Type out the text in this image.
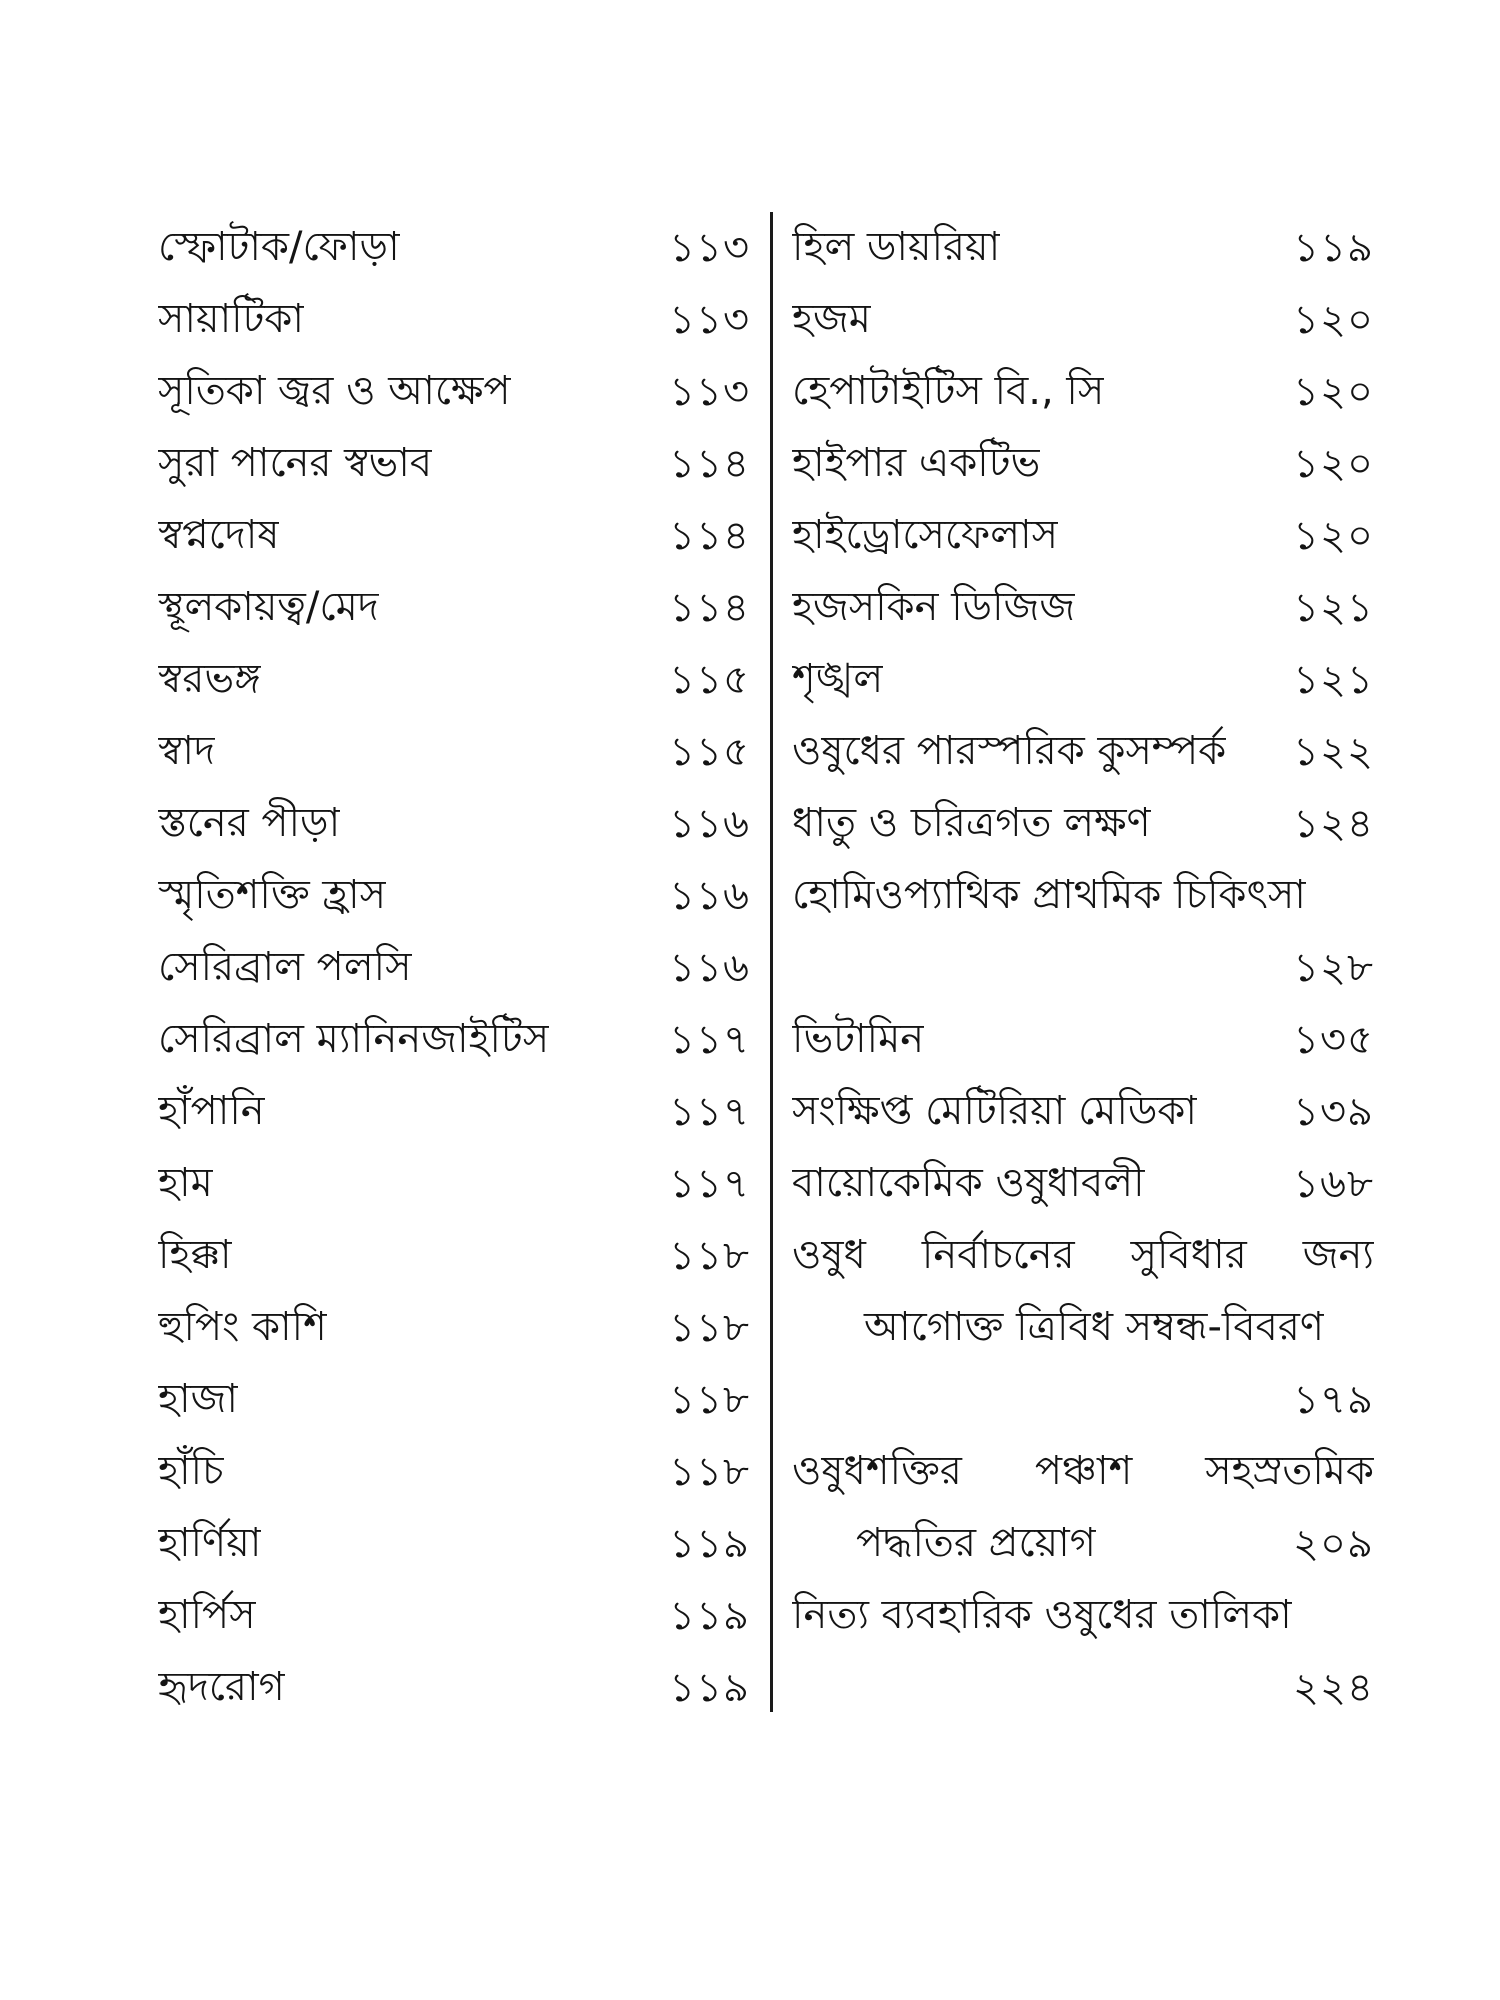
স্ফোটাক/ফোড়া	১১৩
সায়াটিকা	১১৩
সূতিকা জ্বর ও আক্ষেপ	১১৩
সুরা পানের স্বভাব	১১৪
স্বপ্নদোষ	১১৪
স্থূলকায়ত্ব/মেদ	১১৪
স্বরভঙ্গ	১১৫
স্বাদ	১১৫
স্তনের পীড়া	১১৬
স্মৃতিশক্তি হ্রাস	১১৬
সেরিব্রাল পলসি	১১৬
সেরিব্রাল ম্যানিনজাইটিস	১১৭
হাঁপানি	১১৭
হাম	১১৭
হিক্কা	১১৮
হুপিং কাশি	১১৮
হাজা	১১৮
হাঁচি	১১৮
হার্ণিয়া	১১৯
হার্পিস	১১৯
হৃদরোগ	১১৯
হিল ডায়রিয়া	১১৯
হজম	১২০
হেপাটাইটিস বি., সি	১২০
হাইপার একটিভ	১২০
হাইড্রোসেফেলাস	১২০
হজসকিন ডিজিজ	১২১
শৃঙ্খল	১২১
ওষুধের পারস্পরিক কুসম্পর্ক ১২২
ধাতু ও চরিত্রগত লক্ষণ	১২৪
হোমিওপ্যাথিক প্রাথমিক চিকিৎসা
১২৮
ভিটামিন	১৩৫
সংক্ষিপ্ত মেটিরিয়া মেডিকা ১৩৯
বায়োকেমিক ওষুধাবলী	১৬৮
ওষুধ নির্বাচনের সুবিধার জন্য
আগোক্ত ত্রিবিধ সম্বন্ধ-বিবরণ
১৭৯
ওষুধশক্তির পঞ্চাশ সহস্রতমিক
পদ্ধতির প্রয়োগ	২০৯
নিত্য ব্যবহারিক ওষুধের তালিকা
২২৪
